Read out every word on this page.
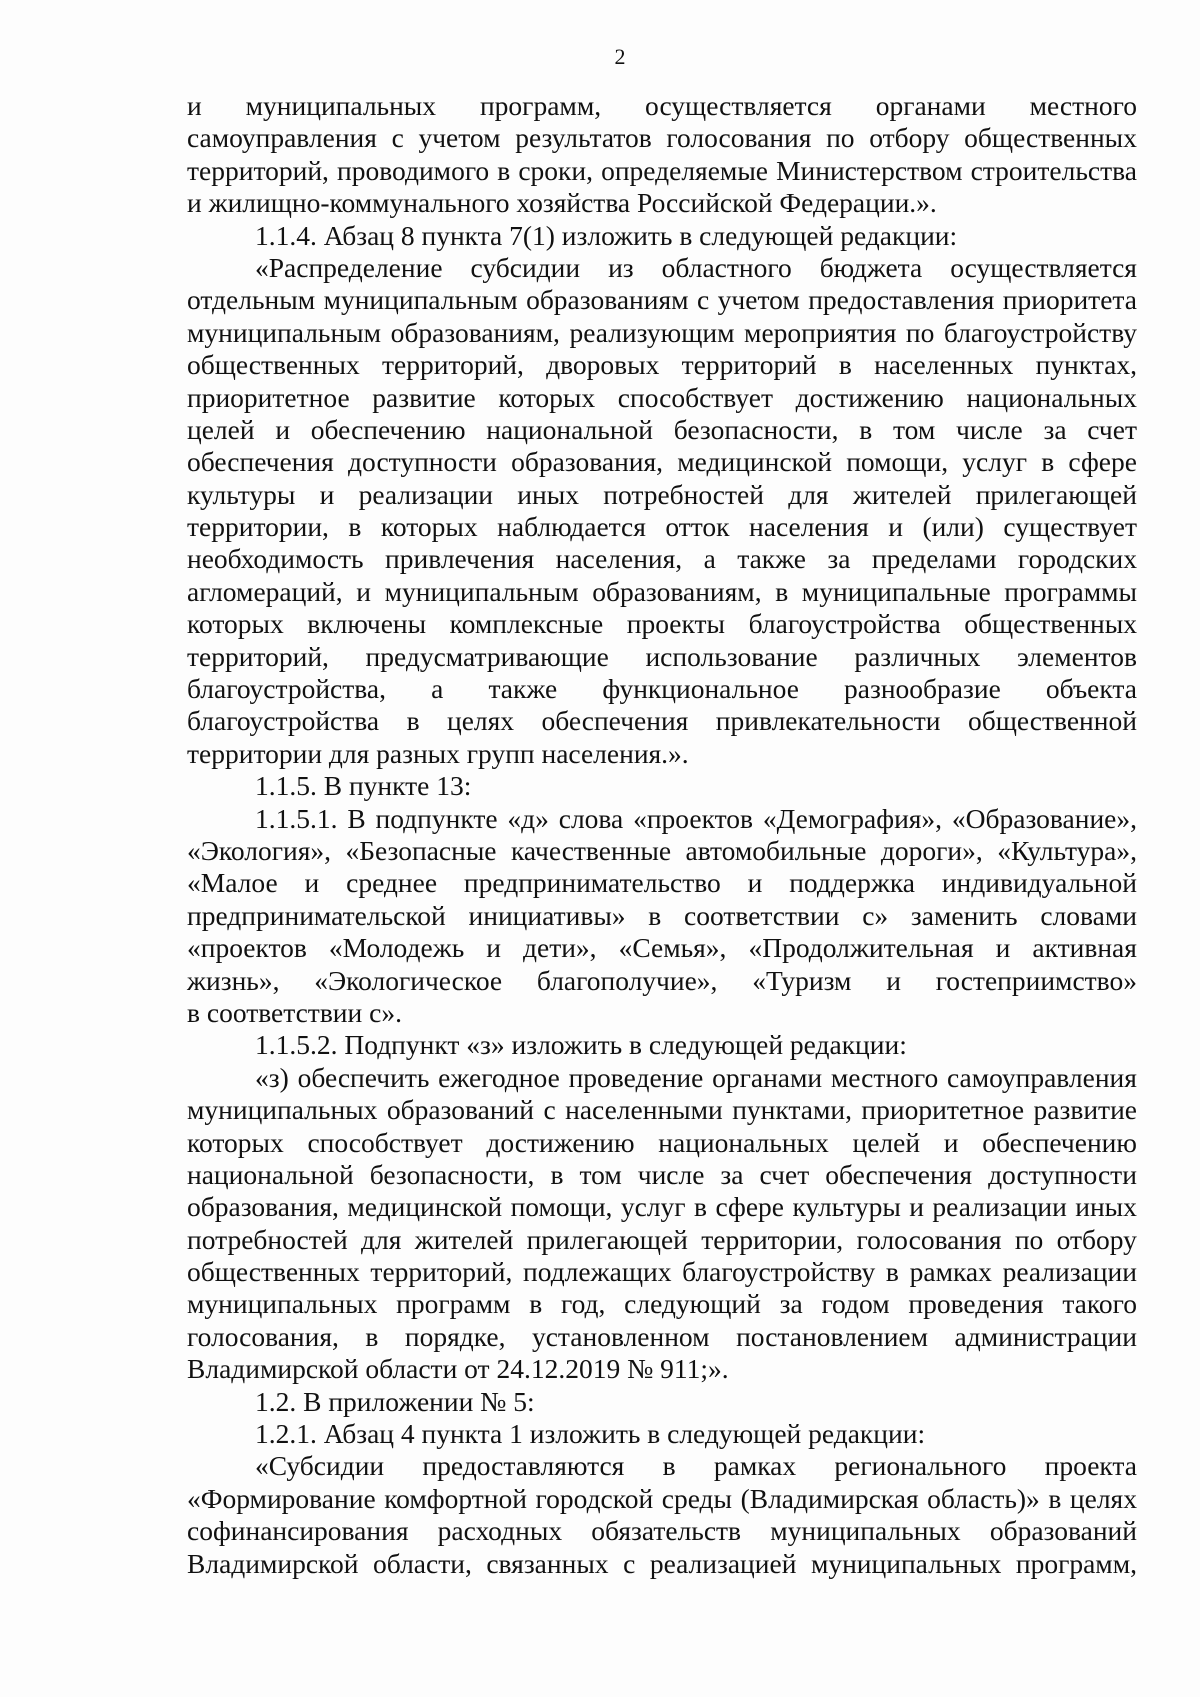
2
и муниципальных программ, осуществляется органами местного
самоуправления с учетом результатов голосования по отбору общественных
территорий, проводимого в сроки, определяемые Министерством строительства
и жилищно-коммунального хозяйства Российской Федерации.».
1.1.4. Абзац 8 пункта 7(1) изложить в следующей редакции:
«Распределение субсидии из областного бюджета осуществляется
отдельным муниципальным образованиям с учетом предоставления приоритета
муниципальным образованиям, реализующим мероприятия по благоустройству
общественных территорий, дворовых территорий в населенных пунктах,
приоритетное развитие которых способствует достижению национальных
целей и обеспечению национальной безопасности, в том числе за счет
обеспечения доступности образования, медицинской помощи, услуг в сфере
культуры и реализации иных потребностей для жителей прилегающей
территории, в которых наблюдается отток населения и (или) существует
необходимость привлечения населения, а также за пределами городских
агломераций, и муниципальным образованиям, в муниципальные программы
которых включены комплексные проекты благоустройства общественных
территорий, предусматривающие использование различных элементов
благоустройства, а также функциональное разнообразие объекта
благоустройства в целях обеспечения привлекательности общественной
территории для разных групп населения.».
1.1.5. В пункте 13:
1.1.5.1. В подпункте «д» слова «проектов «Демография», «Образование»,
«Экология», «Безопасные качественные автомобильные дороги», «Культура»,
«Малое и среднее предпринимательство и поддержка индивидуальной
предпринимательской инициативы» в соответствии с» заменить словами
«проектов «Молодежь и дети», «Семья», «Продолжительная и активная
жизнь», «Экологическое благополучие», «Туризм и гостеприимство»
в соответствии с».
1.1.5.2. Подпункт «з» изложить в следующей редакции:
«з) обеспечить ежегодное проведение органами местного самоуправления
муниципальных образований с населенными пунктами, приоритетное развитие
которых способствует достижению национальных целей и обеспечению
национальной безопасности, в том числе за счет обеспечения доступности
образования, медицинской помощи, услуг в сфере культуры и реализации иных
потребностей для жителей прилегающей территории, голосования по отбору
общественных территорий, подлежащих благоустройству в рамках реализации
муниципальных программ в год, следующий за годом проведения такого
голосования, в порядке, установленном постановлением администрации
Владимирской области от 24.12.2019 № 911;».
1.2. В приложении № 5:
1.2.1. Абзац 4 пункта 1 изложить в следующей редакции:
«Субсидии предоставляются в рамках регионального проекта
«Формирование комфортной городской среды (Владимирская область)» в целях
софинансирования расходных обязательств муниципальных образований
Владимирской области, связанных с реализацией муниципальных программ,
